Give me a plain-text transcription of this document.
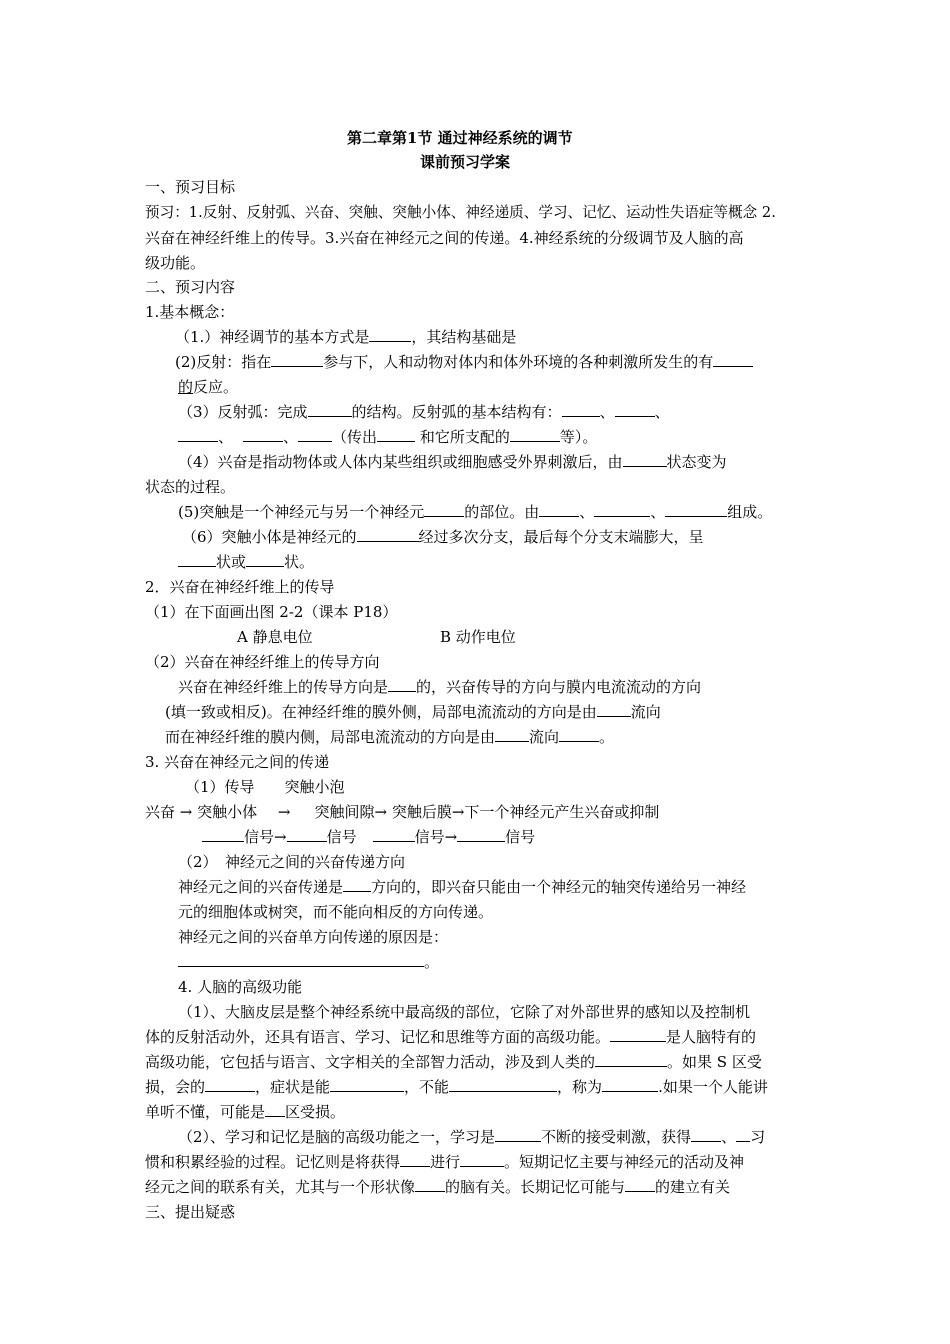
第二章第1节 通过神经系统的调节
课前预习学案
一、预习目标
预习：1.反射、反射弧、兴奋、突触、突触小体、神经递质、学习、记忆、运动性失语症等概念 2.
兴奋在神经纤维上的传导。3.兴奋在神经元之间的传递。4.神经系统的分级调节及人脑的高
级功能。
二、预习内容
1.基本概念：
（1.）神经调节的基本方式是	，其结构基础是
(2)反射：指在	参与下，人和动物对体内和体外环境的各种刺激所发生的有
的反应。
（3）反射弧：完成	的结构。反射弧的基本结构有：	、	、
、	、 （传出	和它所支配的	等）。
（4）兴奋是指动物体或人体内某些组织或细胞感受外界刺激后，由	状态变为
状态的过程。
(5)突触是一个神经元与另一个神经元	的部位。由	、	、	组成。
（6）突触小体是神经元的	经过多次分支，最后每个分支末端膨大，呈
状或	状。
2．兴奋在神经纤维上的传导
（1）在下面画出图 2-2（课本 P18）
A 静息电位	B 动作电位
（2）兴奋在神经纤维上的传导方向
兴奋在神经纤维上的传导方向是 的，兴奋传导的方向与膜内电流流动的方向
(填一致或相反)。在神经纤维的膜外侧，局部电流流动的方向是由 流向
而在神经纤维的膜内侧，局部电流流动的方向是由 流向	。
3. 兴奋在神经元之间的传递
（1）传导 突触小泡
兴奋 → 突触小体 → 突触间隙→ 突触后膜→下一个神经元产生兴奋或抑制
信号→	信号	信号→	信号
（2）　神经元之间的兴奋传递方向
神经元之间的兴奋传递是 方向的，即兴奋只能由一个神经元的轴突传递给另一神经
元的细胞体或树突，而不能向相反的方向传递。
神经元之间的兴奋单方向传递的原因是：
。
4. 人脑的高级功能
（1）、大脑皮层是整个神经系统中最高级的部位，它除了对外部世界的感知以及控制机
体的反射活动外，还具有语言、学习、记忆和思维等方面的高级功能。	是人脑特有的
高级功能，它包括与语言、文字相关的全部智力活动，涉及到人类的	。如果 S 区受
损，会的	，症状是能	，不能	，称为	.如果一个人能讲
单听不懂，可能是 区受损。
（2）、学习和记忆是脑的高级功能之一，学习是	不断的接受刺激，获得 、 习
惯和积累经验的过程。记忆则是将获得 进行	。短期记忆主要与神经元的活动及神
经元之间的联系有关，尤其与一个形状像 的脑有关。长期记忆可能与 的建立有关
三、提出疑惑
